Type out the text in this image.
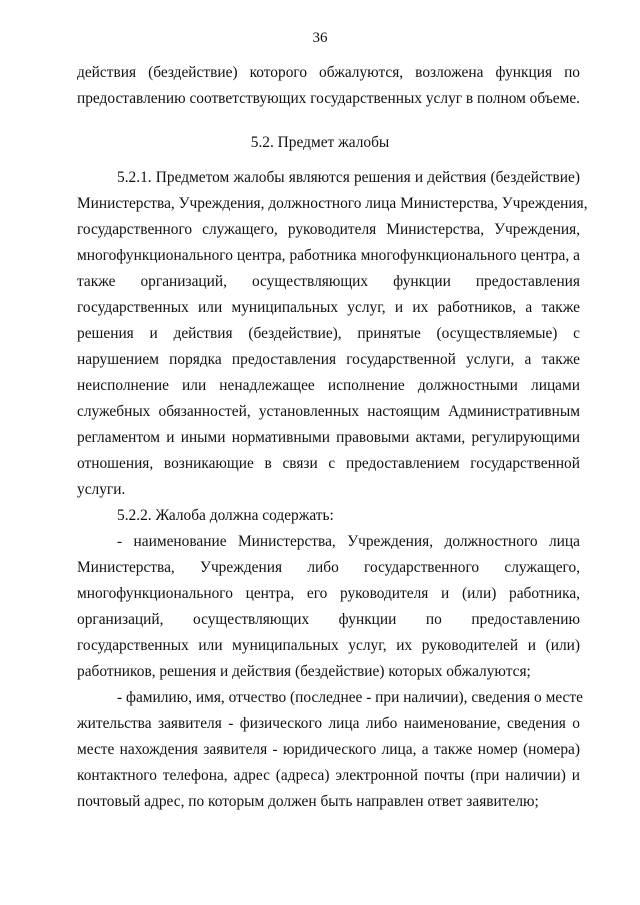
36
действия (бездействие) которого обжалуются, возложена функция по
предоставлению соответствующих государственных услуг в полном объеме.
5.2. Предмет жалобы
5.2.1. Предметом жалобы являются решения и действия (бездействие)
Министерства, Учреждения, должностного лица Министерства, Учреждения,
государственного служащего, руководителя Министерства, Учреждения,
многофункционального центра, работника многофункционального центра, а
также организаций, осуществляющих функции предоставления
государственных или муниципальных услуг, и их работников, а также
решения и действия (бездействие), принятые (осуществляемые) с
нарушением порядка предоставления государственной услуги, а также
неисполнение или ненадлежащее исполнение должностными лицами
служебных обязанностей, установленных настоящим Административным
регламентом и иными нормативными правовыми актами, регулирующими
отношения, возникающие в связи с предоставлением государственной
услуги.
5.2.2. Жалоба должна содержать:
- наименование Министерства, Учреждения, должностного лица
Министерства, Учреждения либо государственного служащего,
многофункционального центра, его руководителя и (или) работника,
организаций, осуществляющих функции по предоставлению
государственных или муниципальных услуг, их руководителей и (или)
работников, решения и действия (бездействие) которых обжалуются;
- фамилию, имя, отчество (последнее - при наличии), сведения о месте
жительства заявителя - физического лица либо наименование, сведения о
месте нахождения заявителя - юридического лица, а также номер (номера)
контактного телефона, адрес (адреса) электронной почты (при наличии) и
почтовый адрес, по которым должен быть направлен ответ заявителю;
